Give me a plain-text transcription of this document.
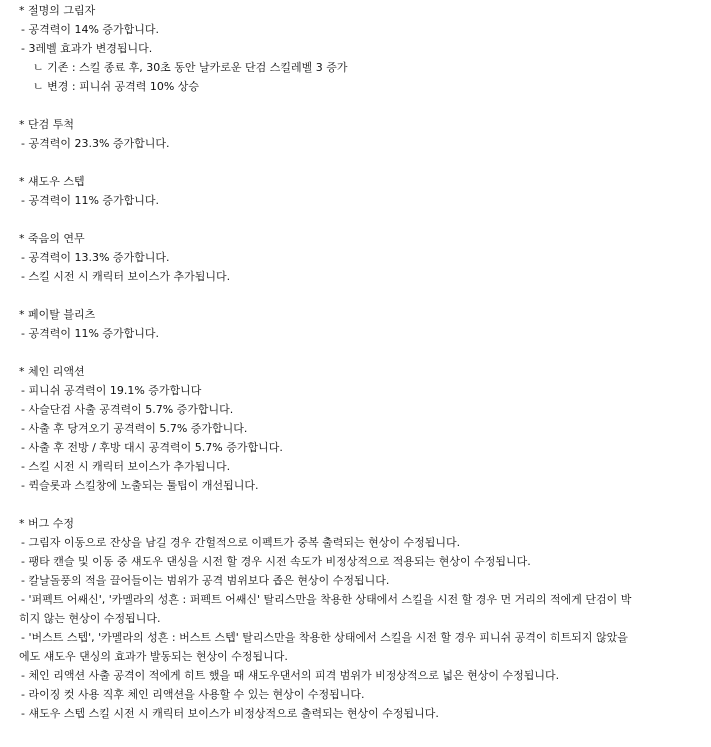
* 절명의 그림자
- 공격력이 14% 증가합니다.
- 3레벨 효과가 변경됩니다.
ㄴ 기존 : 스킬 종료 후, 30초 동안 날카로운 단검 스킬레벨 3 증가
ㄴ 변경 : 피니쉬 공격력 10% 상승
* 단검 투척
- 공격력이 23.3% 증가합니다.
* 섀도우 스텝
- 공격력이 11% 증가합니다.
* 죽음의 연무
- 공격력이 13.3% 증가합니다.
- 스킬 시전 시 캐릭터 보이스가 추가됩니다.
* 페이탈 블리츠
- 공격력이 11% 증가합니다.
* 체인 리액션
- 피니쉬 공격력이 19.1% 증가합니다
- 사슬단검 사출 공격력이 5.7% 증가합니다.
- 사출 후 당겨오기 공격력이 5.7% 증가합니다.
- 사출 후 전방 / 후방 대시 공격력이 5.7% 증가합니다.
- 스킬 시전 시 캐릭터 보이스가 추가됩니다.
- 퀵슬롯과 스킬창에 노출되는 툴팁이 개선됩니다.
* 버그 수정
- 그림자 이동으로 잔상을 남길 경우 간헐적으로 이펙트가 중복 출력되는 현상이 수정됩니다.
- 팽타 캔슬 및 이동 중 섀도우 댄싱을 시전 할 경우 시전 속도가 비정상적으로 적용되는 현상이 수정됩니다.
- 칼날돌풍의 적을 끌어들이는 범위가 공격 범위보다 좁은 현상이 수정됩니다.
- '퍼펙트 어쌔신', '카멜라의 성흔 : 퍼펙트 어쌔신' 탈리스만을 착용한 상태에서 스킬을 시전 할 경우 먼 거리의 적에게 단검이 박
히지 않는 현상이 수정됩니다.
- '버스트 스텝', '카멜라의 성흔 : 버스트 스텝' 탈리스만을 착용한 상태에서 스킬을 시전 할 경우 피니쉬 공격이 히트되지 않았을
에도 섀도우 댄싱의 효과가 발동되는 현상이 수정됩니다.
- 체인 리액션 사출 공격이 적에게 히트 했을 때 섀도우댄서의 피격 범위가 비정상적으로 넓은 현상이 수정됩니다.
- 라이징 컷 사용 직후 체인 리액션을 사용할 수 있는 현상이 수정됩니다.
- 섀도우 스텝 스킬 시전 시 캐릭터 보이스가 비정상적으로 출력되는 현상이 수정됩니다.
